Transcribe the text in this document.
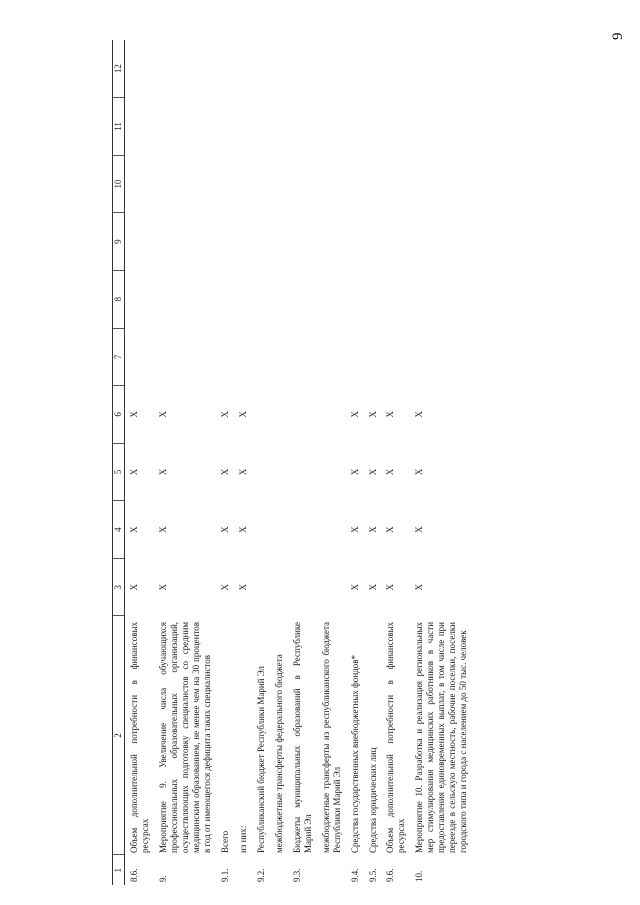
9
1	2	3	4	5	6	7	8	9	10	11	12
8.6.	Объем дополнительной потребности в финансовых ресурсах	X	X	X	X						
9.	Мероприятие 9. Увеличение числа обучающихся профессиональных образовательных организаций, осуществляющих подготовку специалистов со средним медицинским образованием, не менее чем на 30 процентов в год от имеющегося дефицита таких специалистов	X	X	X	X						
9.1.	Всего	X	X	X	X						
	из них:	X	X	X	X						
9.2.	Республиканский бюджет Республики Марий Эл										
	межбюджетные трансферты федерального бюджета										
9.3.	Бюджеты муниципальных образований в Республике Марий Эл										
	межбюджетные трансферты из республиканского бюджета Республики Марий Эл										
9.4.	Средства государственных внебюджетных фондов*	X	X	X	X						
9.5.	Средства юридических лиц	X	X	X	X						
9.6.	Объем дополнительной потребности в финансовых ресурсах	X	X	X	X						
10.	Мероприятие 10. Разработка и реализация региональных мер стимулирования медицинских работников в части предоставления единовременных выплат, в том числе при переезде в сельскую местность, рабочие поселки, поселки городского типа и города с населением до 50 тыс. человек	X	X	X	X						
